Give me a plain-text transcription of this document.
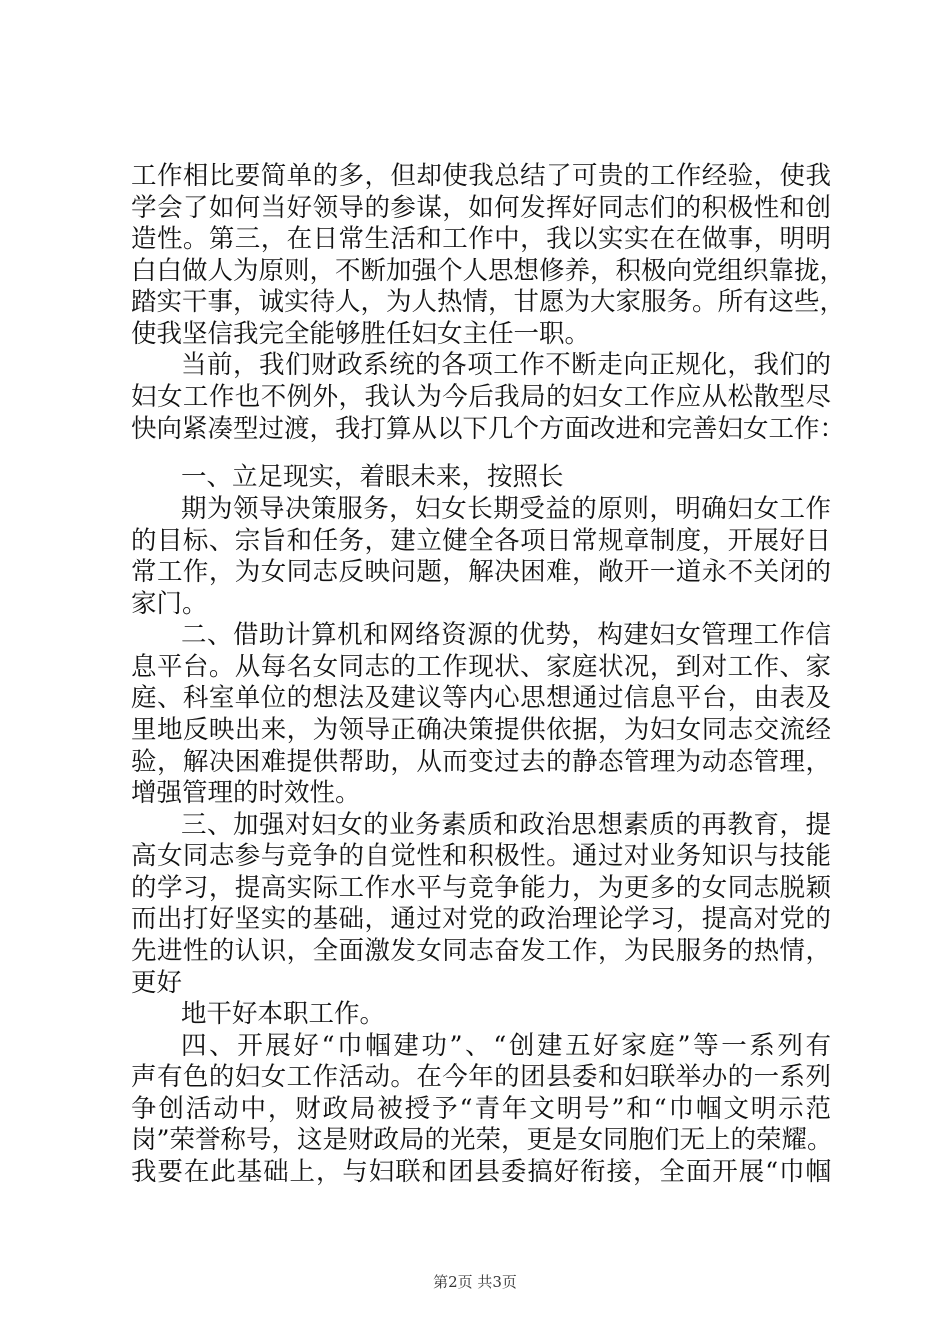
工作相比要简单的多，但却使我总结了可贵的工作经验，使我
学会了如何当好领导的参谋，如何发挥好同志们的积极性和创
造性。第三，在日常生活和工作中，我以实实在在做事，明明
白白做人为原则，不断加强个人思想修养，积极向党组织靠拢，
踏实干事，诚实待人，为人热情，甘愿为大家服务。所有这些，
使我坚信我完全能够胜任妇女主任一职。
当前，我们财政系统的各项工作不断走向正规化，我们的
妇女工作也不例外，我认为今后我局的妇女工作应从松散型尽
快向紧凑型过渡，我打算从以下几个方面改进和完善妇女工作：
一、立足现实，着眼未来，按照长
期为领导决策服务，妇女长期受益的原则，明确妇女工作
的目标、宗旨和任务，建立健全各项日常规章制度，开展好日
常工作，为女同志反映问题，解决困难，敞开一道永不关闭的
家门。
二、借助计算机和网络资源的优势，构建妇女管理工作信
息平台。从每名女同志的工作现状、家庭状况，到对工作、家
庭、科室单位的想法及建议等内心思想通过信息平台，由表及
里地反映出来，为领导正确决策提供依据，为妇女同志交流经
验，解决困难提供帮助，从而变过去的静态管理为动态管理，
增强管理的时效性。
三、加强对妇女的业务素质和政治思想素质的再教育，提
高女同志参与竞争的自觉性和积极性。通过对业务知识与技能
的学习，提高实际工作水平与竞争能力，为更多的女同志脱颖
而出打好坚实的基础，通过对党的政治理论学习，提高对党的
先进性的认识，全面激发女同志奋发工作，为民服务的热情，
更好
地干好本职工作。
四、开展好“巾帼建功”、“创建五好家庭”等一系列有
声有色的妇女工作活动。在今年的团县委和妇联举办的一系列
争创活动中，财政局被授予“青年文明号”和“巾帼文明示范
岗”荣誉称号，这是财政局的光荣，更是女同胞们无上的荣耀。
我要在此基础上，与妇联和团县委搞好衔接，全面开展“巾帼
第2页 共3页
